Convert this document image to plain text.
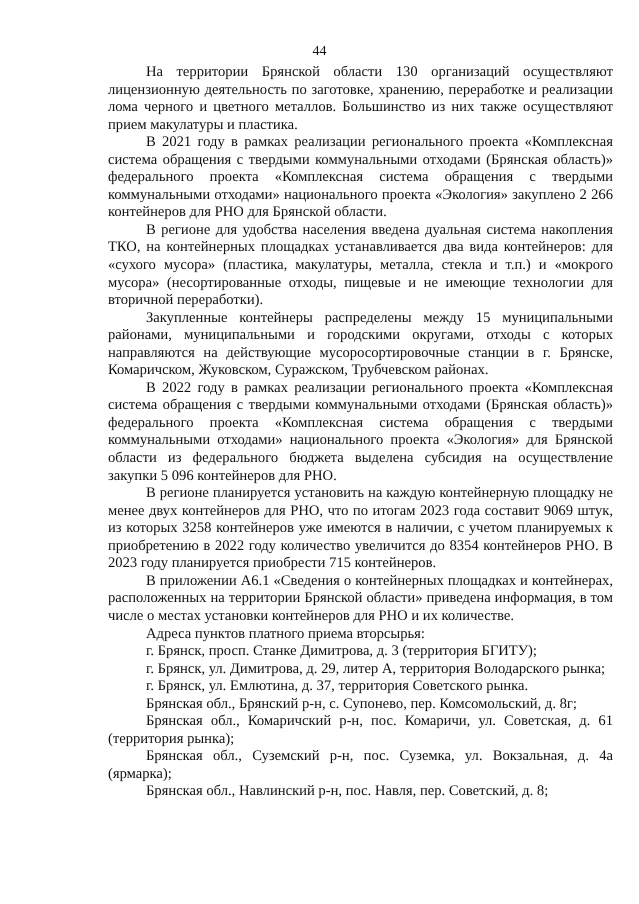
44

На территории Брянской области 130 организаций осуществляют лицензионную деятельность по заготовке, хранению, переработке и реализации лома черного и цветного металлов. Большинство из них также осуществляют прием макулатуры и пластика.

В 2021 году в рамках реализации регионального проекта «Комплексная система обращения с твердыми коммунальными отходами (Брянская область)» федерального проекта «Комплексная система обращения с твердыми коммунальными отходами» национального проекта «Экология» закуплено 2 266 контейнеров для РНО для Брянской области.

В регионе для удобства населения введена дуальная система накопления ТКО, на контейнерных площадках устанавливается два вида контейнеров: для «сухого мусора» (пластика, макулатуры, металла, стекла и т.п.) и «мокрого мусора» (несортированные отходы, пищевые и не имеющие технологии для вторичной переработки).

Закупленные контейнеры распределены между 15 муниципальными районами, муниципальными и городскими округами, отходы с которых направляются на действующие мусоросортировочные станции в г. Брянске, Комаричском, Жуковском, Суражском, Трубчевском районах.

В 2022 году в рамках реализации регионального проекта «Комплексная система обращения с твердыми коммунальными отходами (Брянская область)» федерального проекта «Комплексная система обращения с твердыми коммунальными отходами» национального проекта «Экология» для Брянской области из федерального бюджета выделена субсидия на осуществление закупки 5 096 контейнеров для РНО.

В регионе планируется установить на каждую контейнерную площадку не менее двух контейнеров для РНО, что по итогам 2023 года составит 9069 штук, из которых 3258 контейнеров уже имеются в наличии, с учетом планируемых к приобретению в 2022 году количество увеличится до 8354 контейнеров РНО. В 2023 году планируется приобрести 715 контейнеров.

В приложении А6.1 «Сведения о контейнерных площадках и контейнерах, расположенных на территории Брянской области» приведена информация, в том числе о местах установки контейнеров для РНО и их количестве.

Адреса пунктов платного приема вторсырья:

г. Брянск, просп. Станке Димитрова, д. 3 (территория БГИТУ);

г. Брянск, ул. Димитрова, д. 29, литер А, территория Володарского рынка;

г. Брянск, ул. Емлютина, д. 37, территория Советского рынка.

Брянская обл., Брянский р-н, с. Супонево, пер. Комсомольский, д. 8г;

Брянская обл., Комаричский р-н, пос. Комаричи, ул. Советская, д. 61 (территория рынка);

Брянская обл., Суземский р-н, пос. Суземка, ул. Вокзальная, д. 4а (ярмарка);

Брянская обл., Навлинский р-н, пос. Навля, пер. Советский, д. 8;
